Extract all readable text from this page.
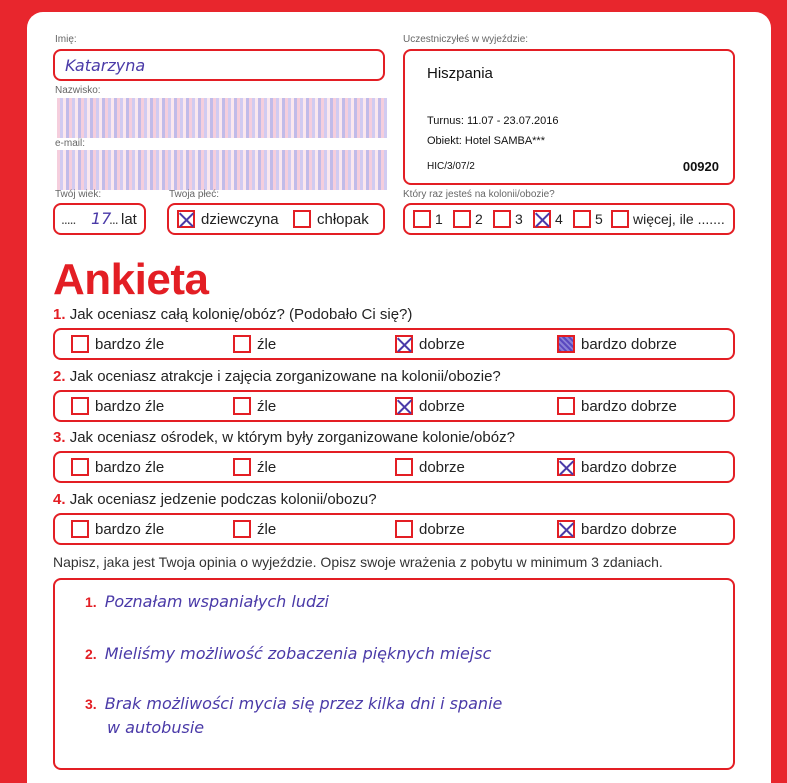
Imię:
Katarzyna
Nazwisko:
e-mail:
Twój wiek:
..... 17
... lat
Twoja płeć:
dziewczyna	chłopak
Uczestniczyłeś w wyjeździe:
Hiszpania
Turnus: 11.07 - 23.07.2016
Obiekt: Hotel SAMBA***
HIC/3/07/2	00920
Który raz jesteś na kolonii/obozie?
1 2 3 4 5 więcej, ile .......
Ankieta
1. Jak oceniasz całą kolonię/obóz? (Podobało Ci się?)
bardzo źle	źle	dobrze	bardzo dobrze
2. Jak oceniasz atrakcje i zajęcia zorganizowane na kolonii/obozie?
bardzo źle	źle	dobrze	bardzo dobrze
3. Jak oceniasz ośrodek, w którym były zorganizowane kolonie/obóz?
bardzo źle	źle	dobrze	bardzo dobrze
4. Jak oceniasz jedzenie podczas kolonii/obozu?
bardzo źle	źle	dobrze	bardzo dobrze
Napisz, jaka jest Twoja opinia o wyjeździe. Opisz swoje wrażenia z pobytu w minimum 3 zdaniach.
1. Poznałam wspaniałych ludzi
2. Mieliśmy możliwość zobaczenia pięknych miejsc
3. Brak możliwości mycia się przez kilka dni i spanie
w autobusie
